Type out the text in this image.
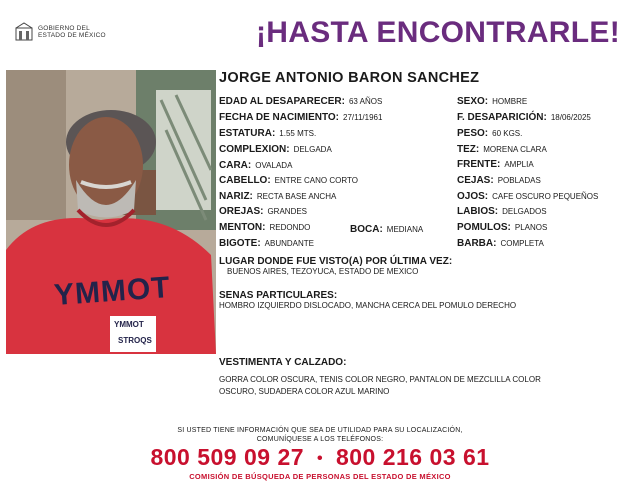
GOBIERNO DEL
ESTADO DE MÉXICO	¡HASTA ENCONTRARLE!
YMMOT
YMMOT
STROQS
JORGE ANTONIO BARON SANCHEZ
EDAD AL DESAPARECER: 63 AÑOS
FECHA DE NACIMIENTO: 27/11/1961
ESTATURA: 1.55 MTS.
COMPLEXION: DELGADA
CARA: OVALADA
CABELLO: ENTRE CANO CORTO
NARIZ: RECTA BASE ANCHA
OREJAS: GRANDES
MENTON: REDONDO	BOCA: MEDIANA
BIGOTE: ABUNDANTE
SEXO: HOMBRE
F. DESAPARICIÓN: 18/06/2025
PESO: 60 KGS.
TEZ: MORENA CLARA
FRENTE: AMPLIA
CEJAS: POBLADAS
OJOS: CAFE OSCURO PEQUEÑOS
LABIOS: DELGADOS
POMULOS: PLANOS
BARBA: COMPLETA
LUGAR DONDE FUE VISTO(A) POR ÚLTIMA VEZ:
BUENOS AIRES, TEZOYUCA, ESTADO DE MEXICO
SENAS PARTICULARES:
HOMBRO IZQUIERDO DISLOCADO, MANCHA CERCA DEL POMULO DERECHO
VESTIMENTA Y CALZADO:
GORRA COLOR OSCURA, TENIS COLOR NEGRO, PANTALON DE MEZCLILLA COLOR
OSCURO, SUDADERA COLOR AZUL MARINO
SI USTED TIENE INFORMACIÓN QUE SEA DE UTILIDAD PARA SU LOCALIZACIÓN,
COMUNÍQUESE A LOS TELÉFONOS:
800 509 09 27 • 800 216 03 61
COMISIÓN DE BÚSQUEDA DE PERSONAS DEL ESTADO DE MÉXICO
